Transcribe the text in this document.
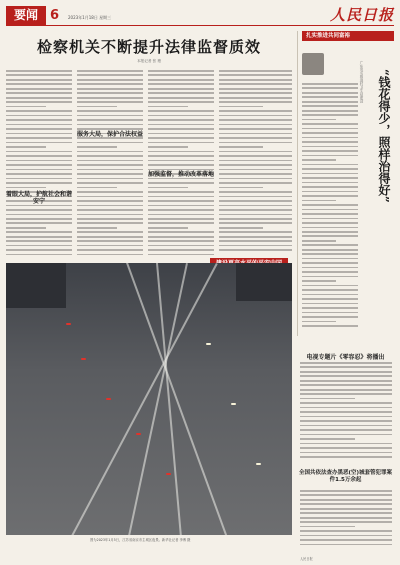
要闻 6 2023年1月18日 星期三	人民日报
检察机关不断提升法律监督质效
本报记者 张 璁
着眼大局，护航社会和谐安宁
服务大局，保护合法权益
加强监督，推动改革落地
扎实推进共同富裕
广东茂名推进村卫生站建设	“钱花得少，照样治得好”
图为2023年1月5日，江苏省南京市主城区夜景。新华社记者 李博 摄
电视专题片《零容忍》将播出
全国共依法查办黑恶(空)城套管犯罪案件1.5万余起
人民日报
